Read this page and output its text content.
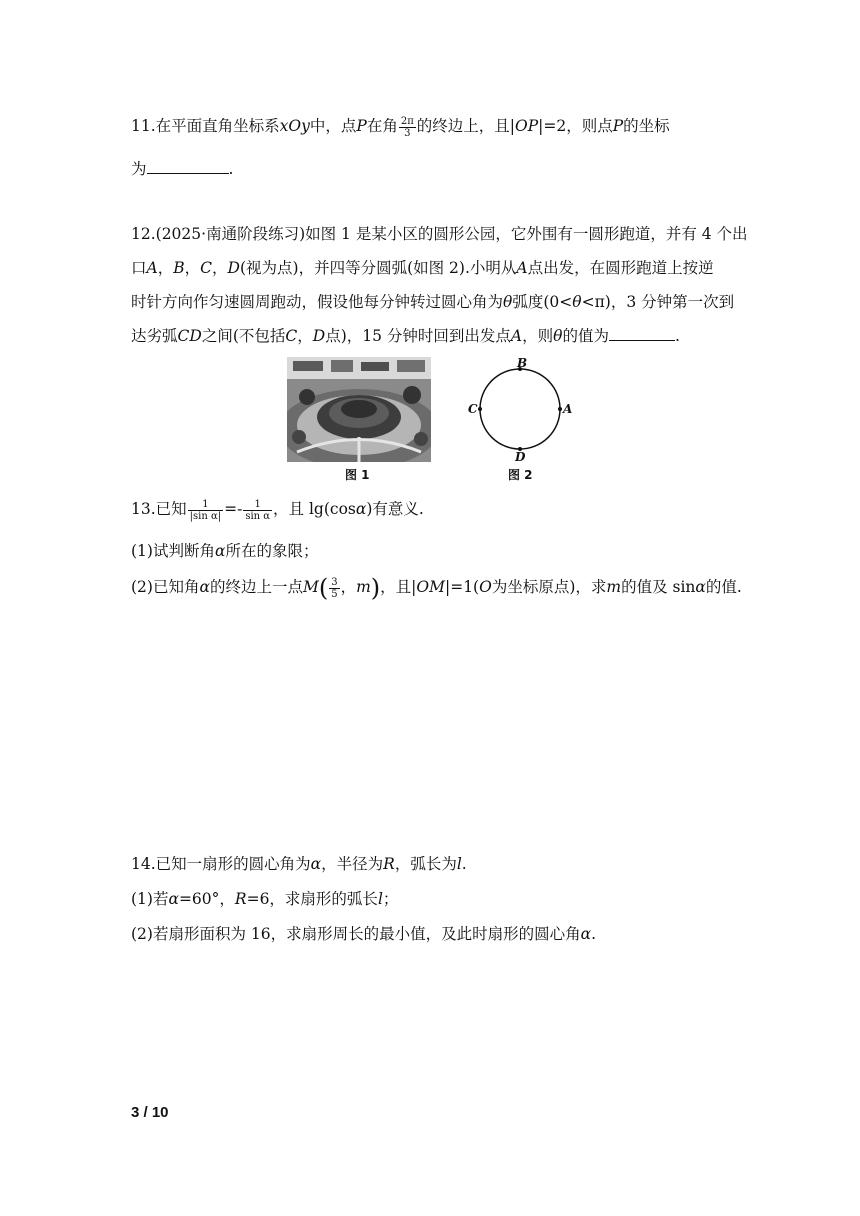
11.在平面直角坐标系xOy中，点P在角 $\frac{2\pi}{3}$ 的终边上，且|OP|=2，则点P的坐标
为	.
12.(2025·南通阶段练习)如图 1 是某小区的圆形公园，它外围有一圆形跑道，并有 4 个出
口A，B，C，D(视为点)，并四等分圆弧(如图 2).小明从A点出发，在圆形跑道上按逆
时针方向作匀速圆周跑动，假设他每分钟转过圆心角为θ弧度(0<θ<π)，3 分钟第一次到
达劣弧CD之间(不包括C，D点)，15 分钟时回到出发点A，则θ的值为	.
图 1
B
A
C
D
图 2
13.已知 $\frac{1}{\text{|sin α|}} =- \frac{1}{\text{sin α}}$ ，且 lg(cosα)有意义.
(1)试判断角α所在的象限；
(2)已知角α的终边上一点$M( \frac{3}{5}$ ，m)，且|OM|=1(O为坐标原点)，求m的值及 sinα的值.
14.已知一扇形的圆心角为α，半径为R，弧长为l.
(1)若α=60°，R=6，求扇形的弧长l；
(2)若扇形面积为 16，求扇形周长的最小值，及此时扇形的圆心角α.
3 / 10
